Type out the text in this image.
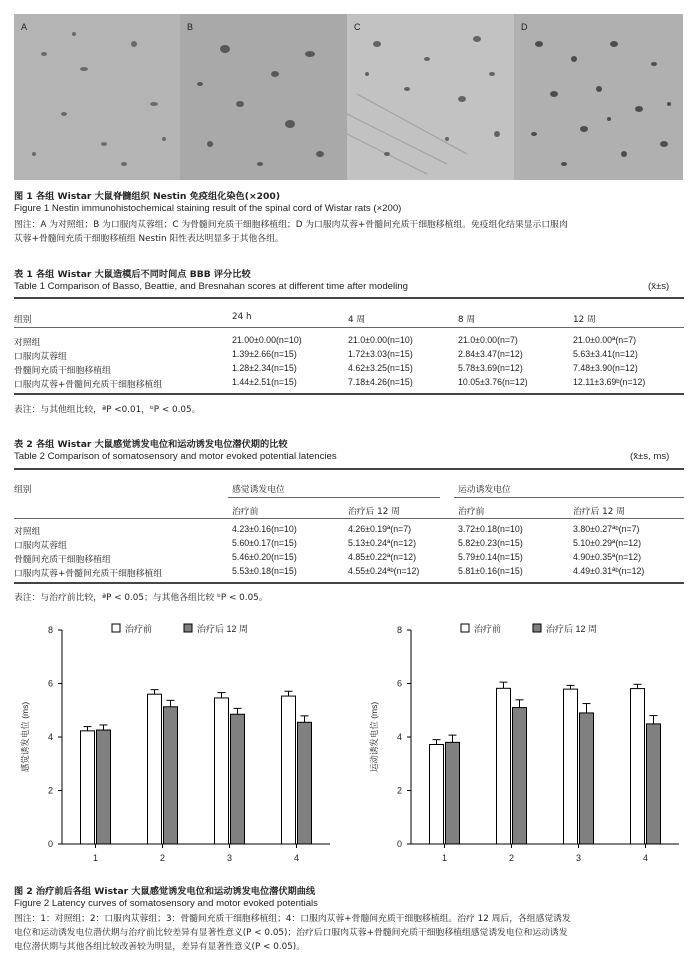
A	B	C	D
图 1 各组 Wistar 大鼠脊髓组织 Nestin 免疫组化染色(×200)
Figure 1 Nestin immunohistochemical staining result of the spinal cord of Wistar rats (×200)
图注：A 为对照组；B 为口服肉苁蓉组；C 为骨髓间充质干细胞移植组；D 为口服肉苁蓉+骨髓间充质干细胞移植组。免疫组化结果显示口服肉
苁蓉+骨髓间充质干细胞移植组 Nestin 阳性表达明显多于其他各组。
表 1 各组 Wistar 大鼠造模后不同时间点 BBB 评分比较
Table 1 Comparison of Basso, Beattie, and Bresnahan scores at different time after modeling	(x̄±s)
组别	24 h	4 周	8 周	12 周
对照组	21.00±0.00(n=10)	21.0±0.00(n=10)	21.0±0.00(n=7)	21.0±0.00ª(n=7)
口服肉苁蓉组	1.39±2.66(n=15)	1.72±3.03(n=15)	2.84±3.47(n=12)	5.63±3.41(n=12)
骨髓间充质干细胞移植组	1.28±2.34(n=15)	4.62±3.25(n=15)	5.78±3.69(n=12)	7.48±3.90(n=12)
口服肉苁蓉+骨髓间充质干细胞移植组	1.44±2.51(n=15)	7.18±4.26(n=15)	10.05±3.76(n=12)	12.11±3.69ᵇ(n=12)
表注：与其他组比较，ªP <0.01，ᵇP < 0.05。
表 2 各组 Wistar 大鼠感觉诱发电位和运动诱发电位潜伏期的比较
Table 2 Comparison of somatosensory and motor evoked potential latencies	(x̄±s, ms)
组别	感觉诱发电位	运动诱发电位
治疗前	治疗后 12 周	治疗前	治疗后 12 周
对照组	4.23±0.16(n=10)	4.26±0.19ª(n=7)	3.72±0.18(n=10)	3.80±0.27ªᵇ(n=7)
口服肉苁蓉组	5.60±0.17(n=15)	5.13±0.24ª(n=12)	5.82±0.23(n=15)	5.10±0.29ª(n=12)
骨髓间充质干细胞移植组	5.46±0.20(n=15)	4.85±0.22ª(n=12)	5.79±0.14(n=15)	4.90±0.35ª(n=12)
口服肉苁蓉+骨髓间充质干细胞移植组	5.53±0.18(n=15)	4.55±0.24ªᵇ(n=12)	5.81±0.16(n=15)	4.49±0.31ªᵇ(n=12)
表注：与治疗前比较，ªP < 0.05；与其他各组比较 ᵇP < 0.05。
0
2
4
6
8
感觉诱发电位 (ms)
1	2	3	4
治疗前	治疗后 12 周
0
2
4
6
8
运动诱发电位 (ms)
1	2	3	4
治疗前	治疗后 12 周
图 2 治疗前后各组 Wistar 大鼠感觉诱发电位和运动诱发电位潜伏期曲线
Figure 2 Latency curves of somatosensory and motor evoked potentials
图注：1：对照组；2：口服肉苁蓉组；3：骨髓间充质干细胞移植组；4：口服肉苁蓉+骨髓间充质干细胞移植组。治疗 12 周后，各组感觉诱发
电位和运动诱发电位潜伏期与治疗前比较差异有显著性意义(P < 0.05)；治疗后口服肉苁蓉+骨髓间充质干细胞移植组感觉诱发电位和运动诱发
电位潜伏期与其他各组比较改善较为明显，差异有显著性意义(P < 0.05)。
